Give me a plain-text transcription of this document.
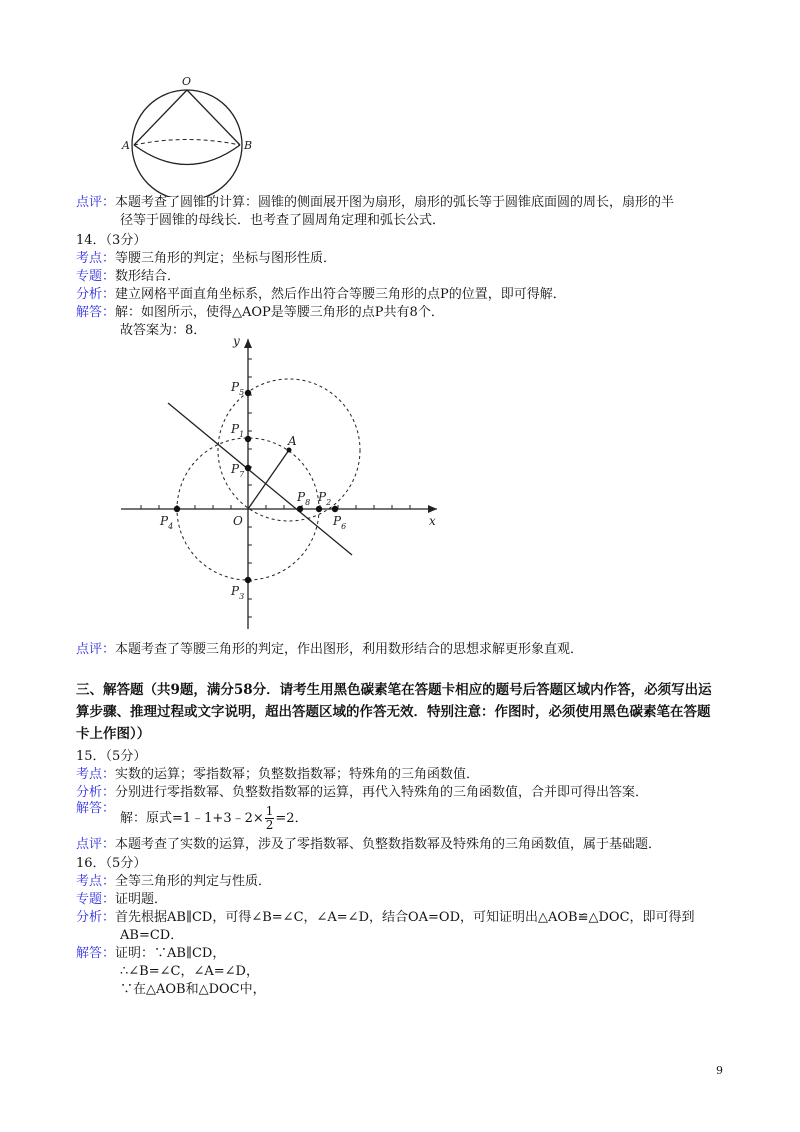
O
A	B
点评：本题考查了圆锥的计算：圆锥的侧面展开图为扇形，扇形的弧长等于圆锥底面圆的周长，扇形的半
径等于圆锥的母线长．也考查了圆周角定理和弧长公式．
14．（3分）
考点：等腰三角形的判定；坐标与图形性质．
专题：数形结合．
分析：建立网格平面直角坐标系，然后作出符合等腰三角形的点P的位置，即可得解．
解答：解：如图所示，使得△AOP是等腰三角形的点P共有8个．
故答案为：8．
y
x
O
A
$P_5$
$P_1$
$P_7$
$P_8$ $P_2$
$P_6$
$P_4$
$P_3$
点评：本题考查了等腰三角形的判定，作出图形，利用数形结合的思想求解更形象直观．
三、解答题（共9题，满分58分．请考生用黑色碳素笔在答题卡相应的题号后答题区域内作答，必须写出运
算步骤、推理过程或文字说明，超出答题区域的作答无效．特别注意：作图时，必须使用黑色碳素笔在答题
卡上作图））
15．（5分）
考点：实数的运算；零指数幂；负整数指数幂；特殊角的三角函数值．
分析：分别进行零指数幂、负整数指数幂的运算，再代入特殊角的三角函数值，合并即可得出答案．
解答：
解：原式=1﹣1+3﹣2× $\frac{1}{2} =2$．
点评：本题考查了实数的运算，涉及了零指数幂、负整数指数幂及特殊角的三角函数值，属于基础题．
16．（5分）
考点：全等三角形的判定与性质．
专题：证明题．
分析：首先根据AB∥CD，可得∠B=∠C，∠A=∠D，结合OA=OD，可知证明出△AOB≌△DOC，即可得到
AB=CD．
解答：证明：∵AB∥CD，
∴∠B=∠C，∠A=∠D，
∵在△AOB和△DOC中，
9
